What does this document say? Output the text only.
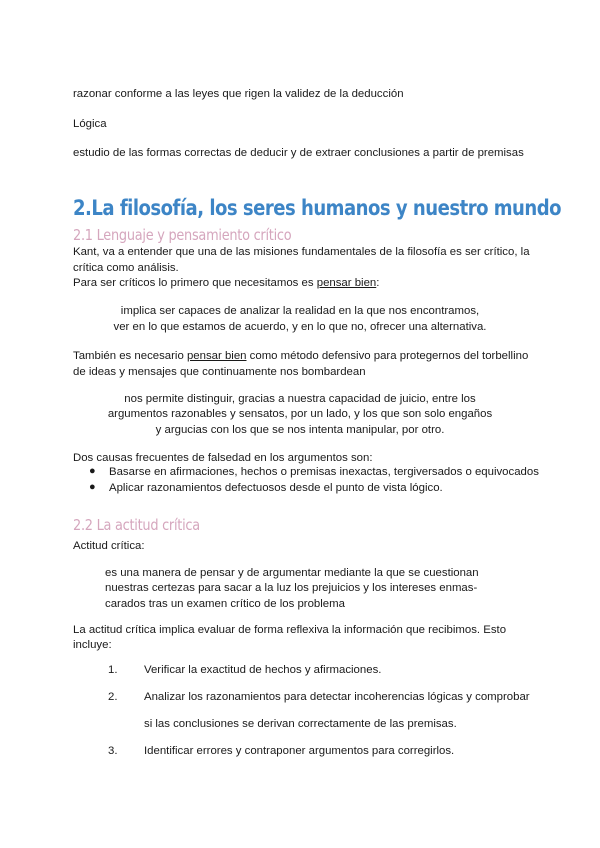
razonar conforme a las leyes que rigen la validez de la deducción
Lógica
estudio de las formas correctas de deducir y de extraer conclusiones a partir de premisas
2.La filosofía, los seres humanos y nuestro mundo
2.1 Lenguaje y pensamiento crítico
Kant, va a entender que una de las misiones fundamentales de la filosofía es ser crítico, la
crítica como análisis.
Para ser críticos lo primero que necesitamos es pensar bien:
implica ser capaces de analizar la realidad en la que nos encontramos,
ver en lo que estamos de acuerdo, y en lo que no, ofrecer una alternativa.
También es necesario pensar bien como método defensivo para protegernos del torbellino
de ideas y mensajes que continuamente nos bombardean
nos permite distinguir, gracias a nuestra capacidad de juicio, entre los
argumentos razonables y sensatos, por un lado, y los que son solo engaños
y argucias con los que se nos intenta manipular, por otro.
Dos causas frecuentes de falsedad en los argumentos son:
● Basarse en afirmaciones, hechos o premisas inexactas, tergiversados o equivocados
● Aplicar razonamientos defectuosos desde el punto de vista lógico.
2.2 La actitud crítica
Actitud crítica:
es una manera de pensar y de argumentar mediante la que se cuestionan
nuestras certezas para sacar a la luz los prejuicios y los intereses enmas-
carados tras un examen crítico de los problema
La actitud crítica implica evaluar de forma reflexiva la información que recibimos. Esto
incluye:
1. Verificar la exactitud de hechos y afirmaciones.
2. Analizar los razonamientos para detectar incoherencias lógicas y comprobar
si las conclusiones se derivan correctamente de las premisas.
3. Identificar errores y contraponer argumentos para corregirlos.
